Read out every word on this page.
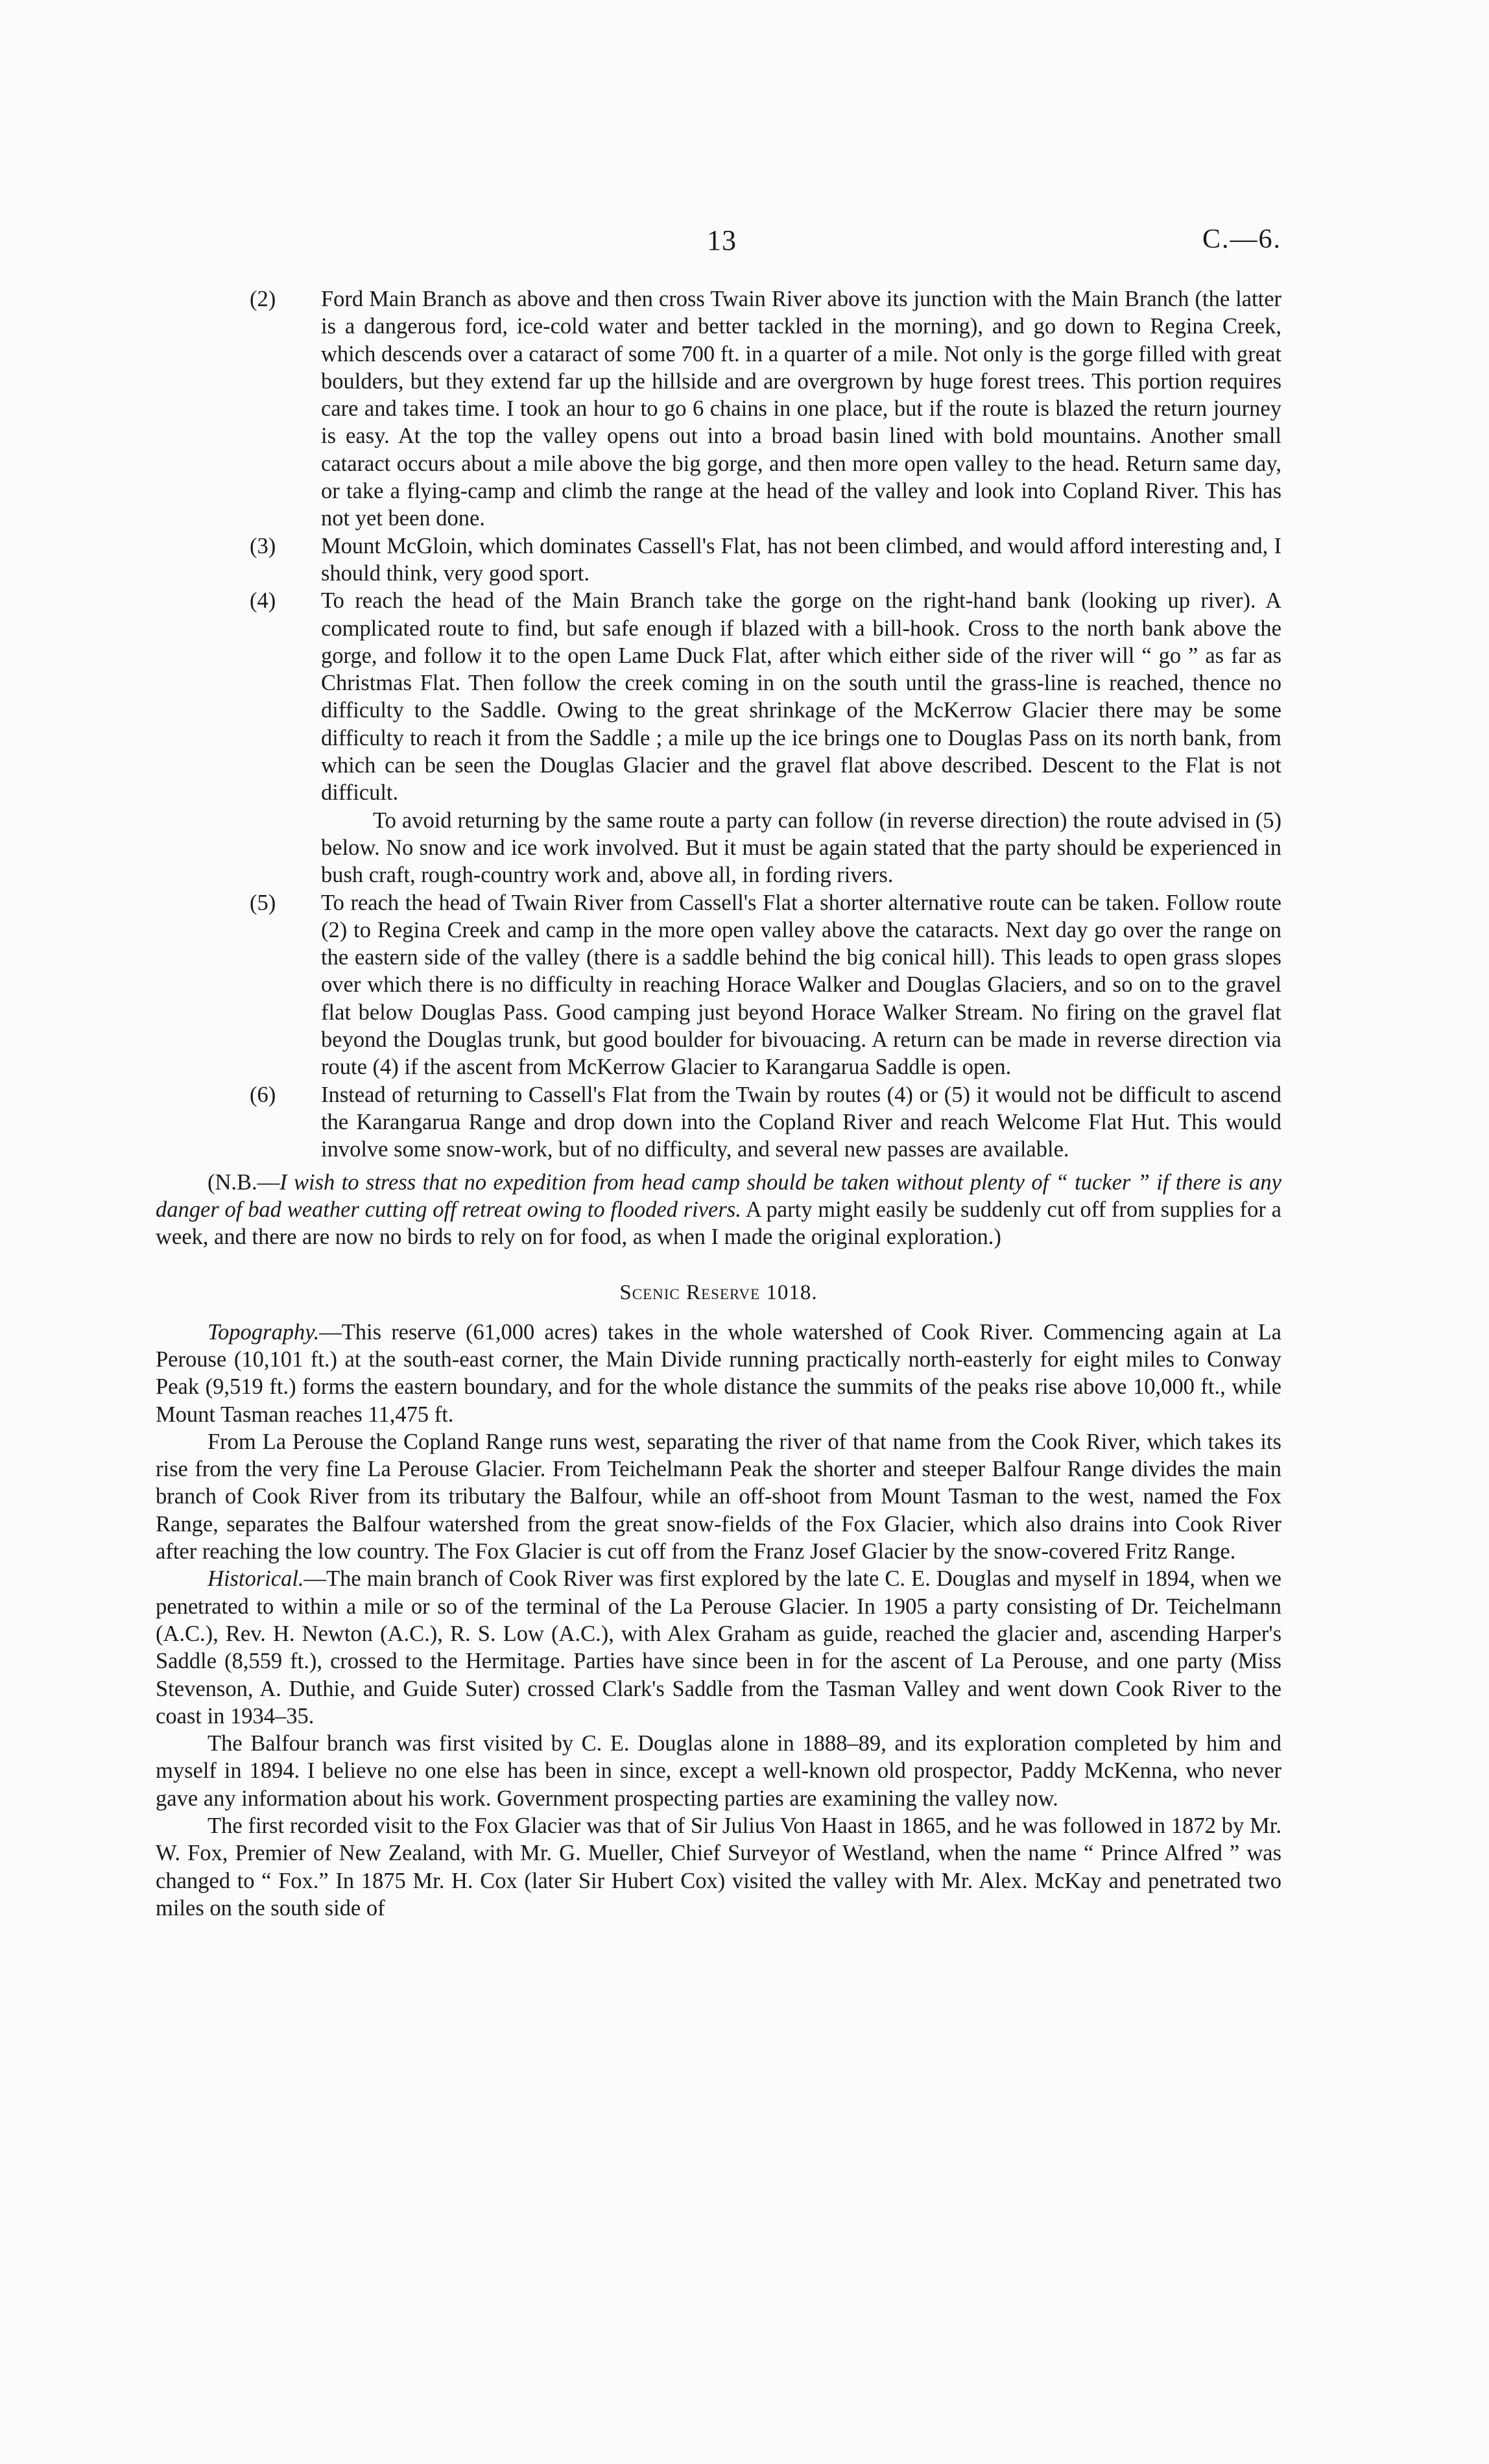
13	C.—6.
(2) Ford Main Branch as above and then cross Twain River above its junction with the Main Branch (the latter is a dangerous ford, ice-cold water and better tackled in the morning), and go down to Regina Creek, which descends over a cataract of some 700 ft. in a quarter of a mile. Not only is the gorge filled with great boulders, but they extend far up the hillside and are overgrown by huge forest trees. This portion requires care and takes time. I took an hour to go 6 chains in one place, but if the route is blazed the return journey is easy. At the top the valley opens out into a broad basin lined with bold mountains. Another small cataract occurs about a mile above the big gorge, and then more open valley to the head. Return same day, or take a flying-camp and climb the range at the head of the valley and look into Copland River. This has not yet been done.
(3) Mount McGloin, which dominates Cassell's Flat, has not been climbed, and would afford interesting and, I should think, very good sport.
(4) To reach the head of the Main Branch take the gorge on the right-hand bank (looking up river). A complicated route to find, but safe enough if blazed with a bill-hook. Cross to the north bank above the gorge, and follow it to the open Lame Duck Flat, after which either side of the river will “ go ” as far as Christmas Flat. Then follow the creek coming in on the south until the grass-line is reached, thence no difficulty to the Saddle. Owing to the great shrinkage of the McKerrow Glacier there may be some difficulty to reach it from the Saddle ; a mile up the ice brings one to Douglas Pass on its north bank, from which can be seen the Douglas Glacier and the gravel flat above described. Descent to the Flat is not difficult.
To avoid returning by the same route a party can follow (in reverse direction) the route advised in (5) below. No snow and ice work involved. But it must be again stated that the party should be experienced in bush craft, rough-country work and, above all, in fording rivers.
(5) To reach the head of Twain River from Cassell's Flat a shorter alternative route can be taken. Follow route (2) to Regina Creek and camp in the more open valley above the cataracts. Next day go over the range on the eastern side of the valley (there is a saddle behind the big conical hill). This leads to open grass slopes over which there is no difficulty in reaching Horace Walker and Douglas Glaciers, and so on to the gravel flat below Douglas Pass. Good camping just beyond Horace Walker Stream. No firing on the gravel flat beyond the Douglas trunk, but good boulder for bivouacing. A return can be made in reverse direction via route (4) if the ascent from McKerrow Glacier to Karangarua Saddle is open.
(6) Instead of returning to Cassell's Flat from the Twain by routes (4) or (5) it would not be difficult to ascend the Karangarua Range and drop down into the Copland River and reach Welcome Flat Hut. This would involve some snow-work, but of no difficulty, and several new passes are available.

(N.B.—I wish to stress that no expedition from head camp should be taken without plenty of “ tucker ” if there is any danger of bad weather cutting off retreat owing to flooded rivers. A party might easily be suddenly cut off from supplies for a week, and there are now no birds to rely on for food, as when I made the original exploration.)

Scenic Reserve 1018.

Topography.—This reserve (61,000 acres) takes in the whole watershed of Cook River. Commencing again at La Perouse (10,101 ft.) at the south-east corner, the Main Divide running practically north-easterly for eight miles to Conway Peak (9,519 ft.) forms the eastern boundary, and for the whole distance the summits of the peaks rise above 10,000 ft., while Mount Tasman reaches 11,475 ft.

From La Perouse the Copland Range runs west, separating the river of that name from the Cook River, which takes its rise from the very fine La Perouse Glacier. From Teichelmann Peak the shorter and steeper Balfour Range divides the main branch of Cook River from its tributary the Balfour, while an off-shoot from Mount Tasman to the west, named the Fox Range, separates the Balfour watershed from the great snow-fields of the Fox Glacier, which also drains into Cook River after reaching the low country. The Fox Glacier is cut off from the Franz Josef Glacier by the snow-covered Fritz Range.

Historical.—The main branch of Cook River was first explored by the late C. E. Douglas and myself in 1894, when we penetrated to within a mile or so of the terminal of the La Perouse Glacier. In 1905 a party consisting of Dr. Teichelmann (A.C.), Rev. H. Newton (A.C.), R. S. Low (A.C.), with Alex Graham as guide, reached the glacier and, ascending Harper's Saddle (8,559 ft.), crossed to the Hermitage. Parties have since been in for the ascent of La Perouse, and one party (Miss Stevenson, A. Duthie, and Guide Suter) crossed Clark's Saddle from the Tasman Valley and went down Cook River to the coast in 1934–35.

The Balfour branch was first visited by C. E. Douglas alone in 1888–89, and its exploration completed by him and myself in 1894. I believe no one else has been in since, except a well-known old prospector, Paddy McKenna, who never gave any information about his work. Government prospecting parties are examining the valley now.

The first recorded visit to the Fox Glacier was that of Sir Julius Von Haast in 1865, and he was followed in 1872 by Mr. W. Fox, Premier of New Zealand, with Mr. G. Mueller, Chief Surveyor of Westland, when the name “ Prince Alfred ” was changed to “ Fox.” In 1875 Mr. H. Cox (later Sir Hubert Cox) visited the valley with Mr. Alex. McKay and penetrated two miles on the south side of
